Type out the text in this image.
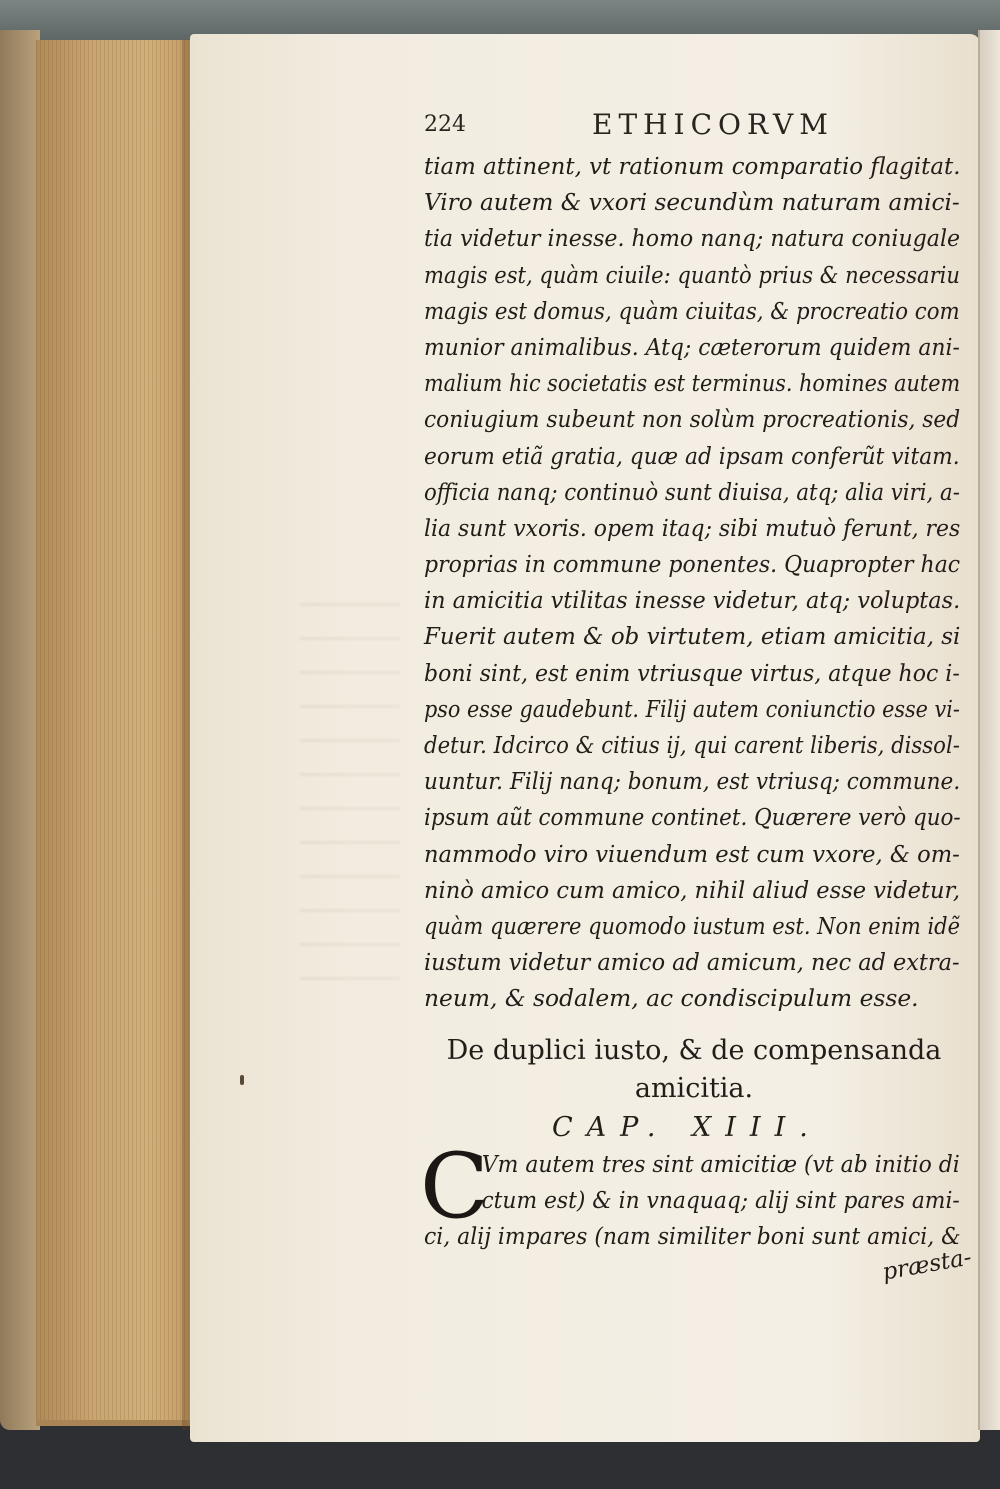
224	ETHICORVM
tiam attinent, vt rationum comparatio flagitat.
Viro autem & vxori secundùm naturam amici-
tia videtur inesse. homo nanq; natura coniugale
magis est, quàm ciuile: quantò prius & necessariu
magis est domus, quàm ciuitas, & procreatio com
munior animalibus. Atq; cæterorum quidem ani-
malium hic societatis est terminus. homines autem
coniugium subeunt non solùm procreationis, sed
eorum etiã gratia, quæ ad ipsam conferũt vitam.
officia nanq; continuò sunt diuisa, atq; alia viri, a-
lia sunt vxoris. opem itaq; sibi mutuò ferunt, res
proprias in commune ponentes. Quapropter hac
in amicitia vtilitas inesse videtur, atq; voluptas.
Fuerit autem & ob virtutem, etiam amicitia, si
boni sint, est enim vtriusque virtus, atque hoc i-
pso esse gaudebunt. Filij autem coniunctio esse vi-
detur. Idcirco & citius ij, qui carent liberis, dissol-
uuntur. Filij nanq; bonum, est vtriusq; commune.
ipsum aũt commune continet. Quærere verò quo-
nammodo viro viuendum est cum vxore, & om-
ninò amico cum amico, nihil aliud esse videtur,
quàm quærere quomodo iustum est. Non enim idẽ
iustum videtur amico ad amicum, nec ad extra-
neum, & sodalem, ac condiscipulum esse.
De duplici iusto, & de compensanda
amicitia.
CAP. XIII.
C
Vm autem tres sint amicitiæ (vt ab initio di
ctum est) & in vnaquaq; alij sint pares ami-
ci, alij impares (nam similiter boni sunt amici, &
præsta-
